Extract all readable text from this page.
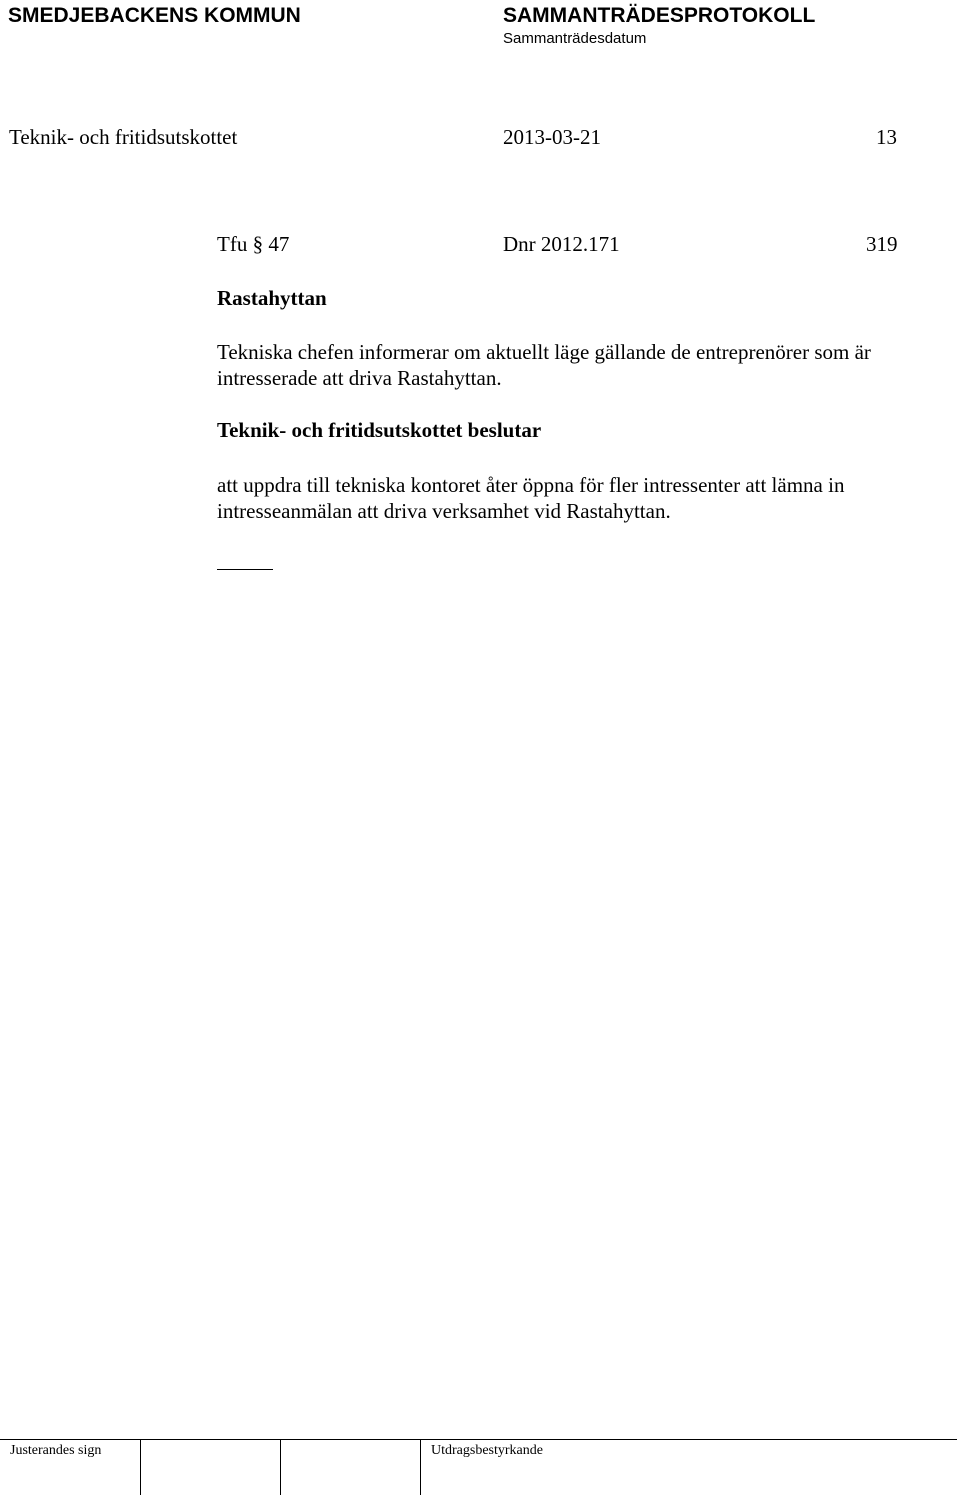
SMEDJEBACKENS KOMMUN	SAMMANTRÄDESPROTOKOLL
Sammanträdesdatum
Teknik- och fritidsutskottet	2013-03-21	13
Tfu § 47	Dnr 2012.171	319
Rastahyttan
Tekniska chefen informerar om aktuellt läge gällande de entreprenörer som är intresserade att driva Rastahyttan.
Teknik- och fritidsutskottet beslutar
att uppdra till tekniska kontoret åter öppna för fler intressenter att lämna in intresseanmälan att driva verksamhet vid Rastahyttan.
Justerandes sign	Utdragsbestyrkande
